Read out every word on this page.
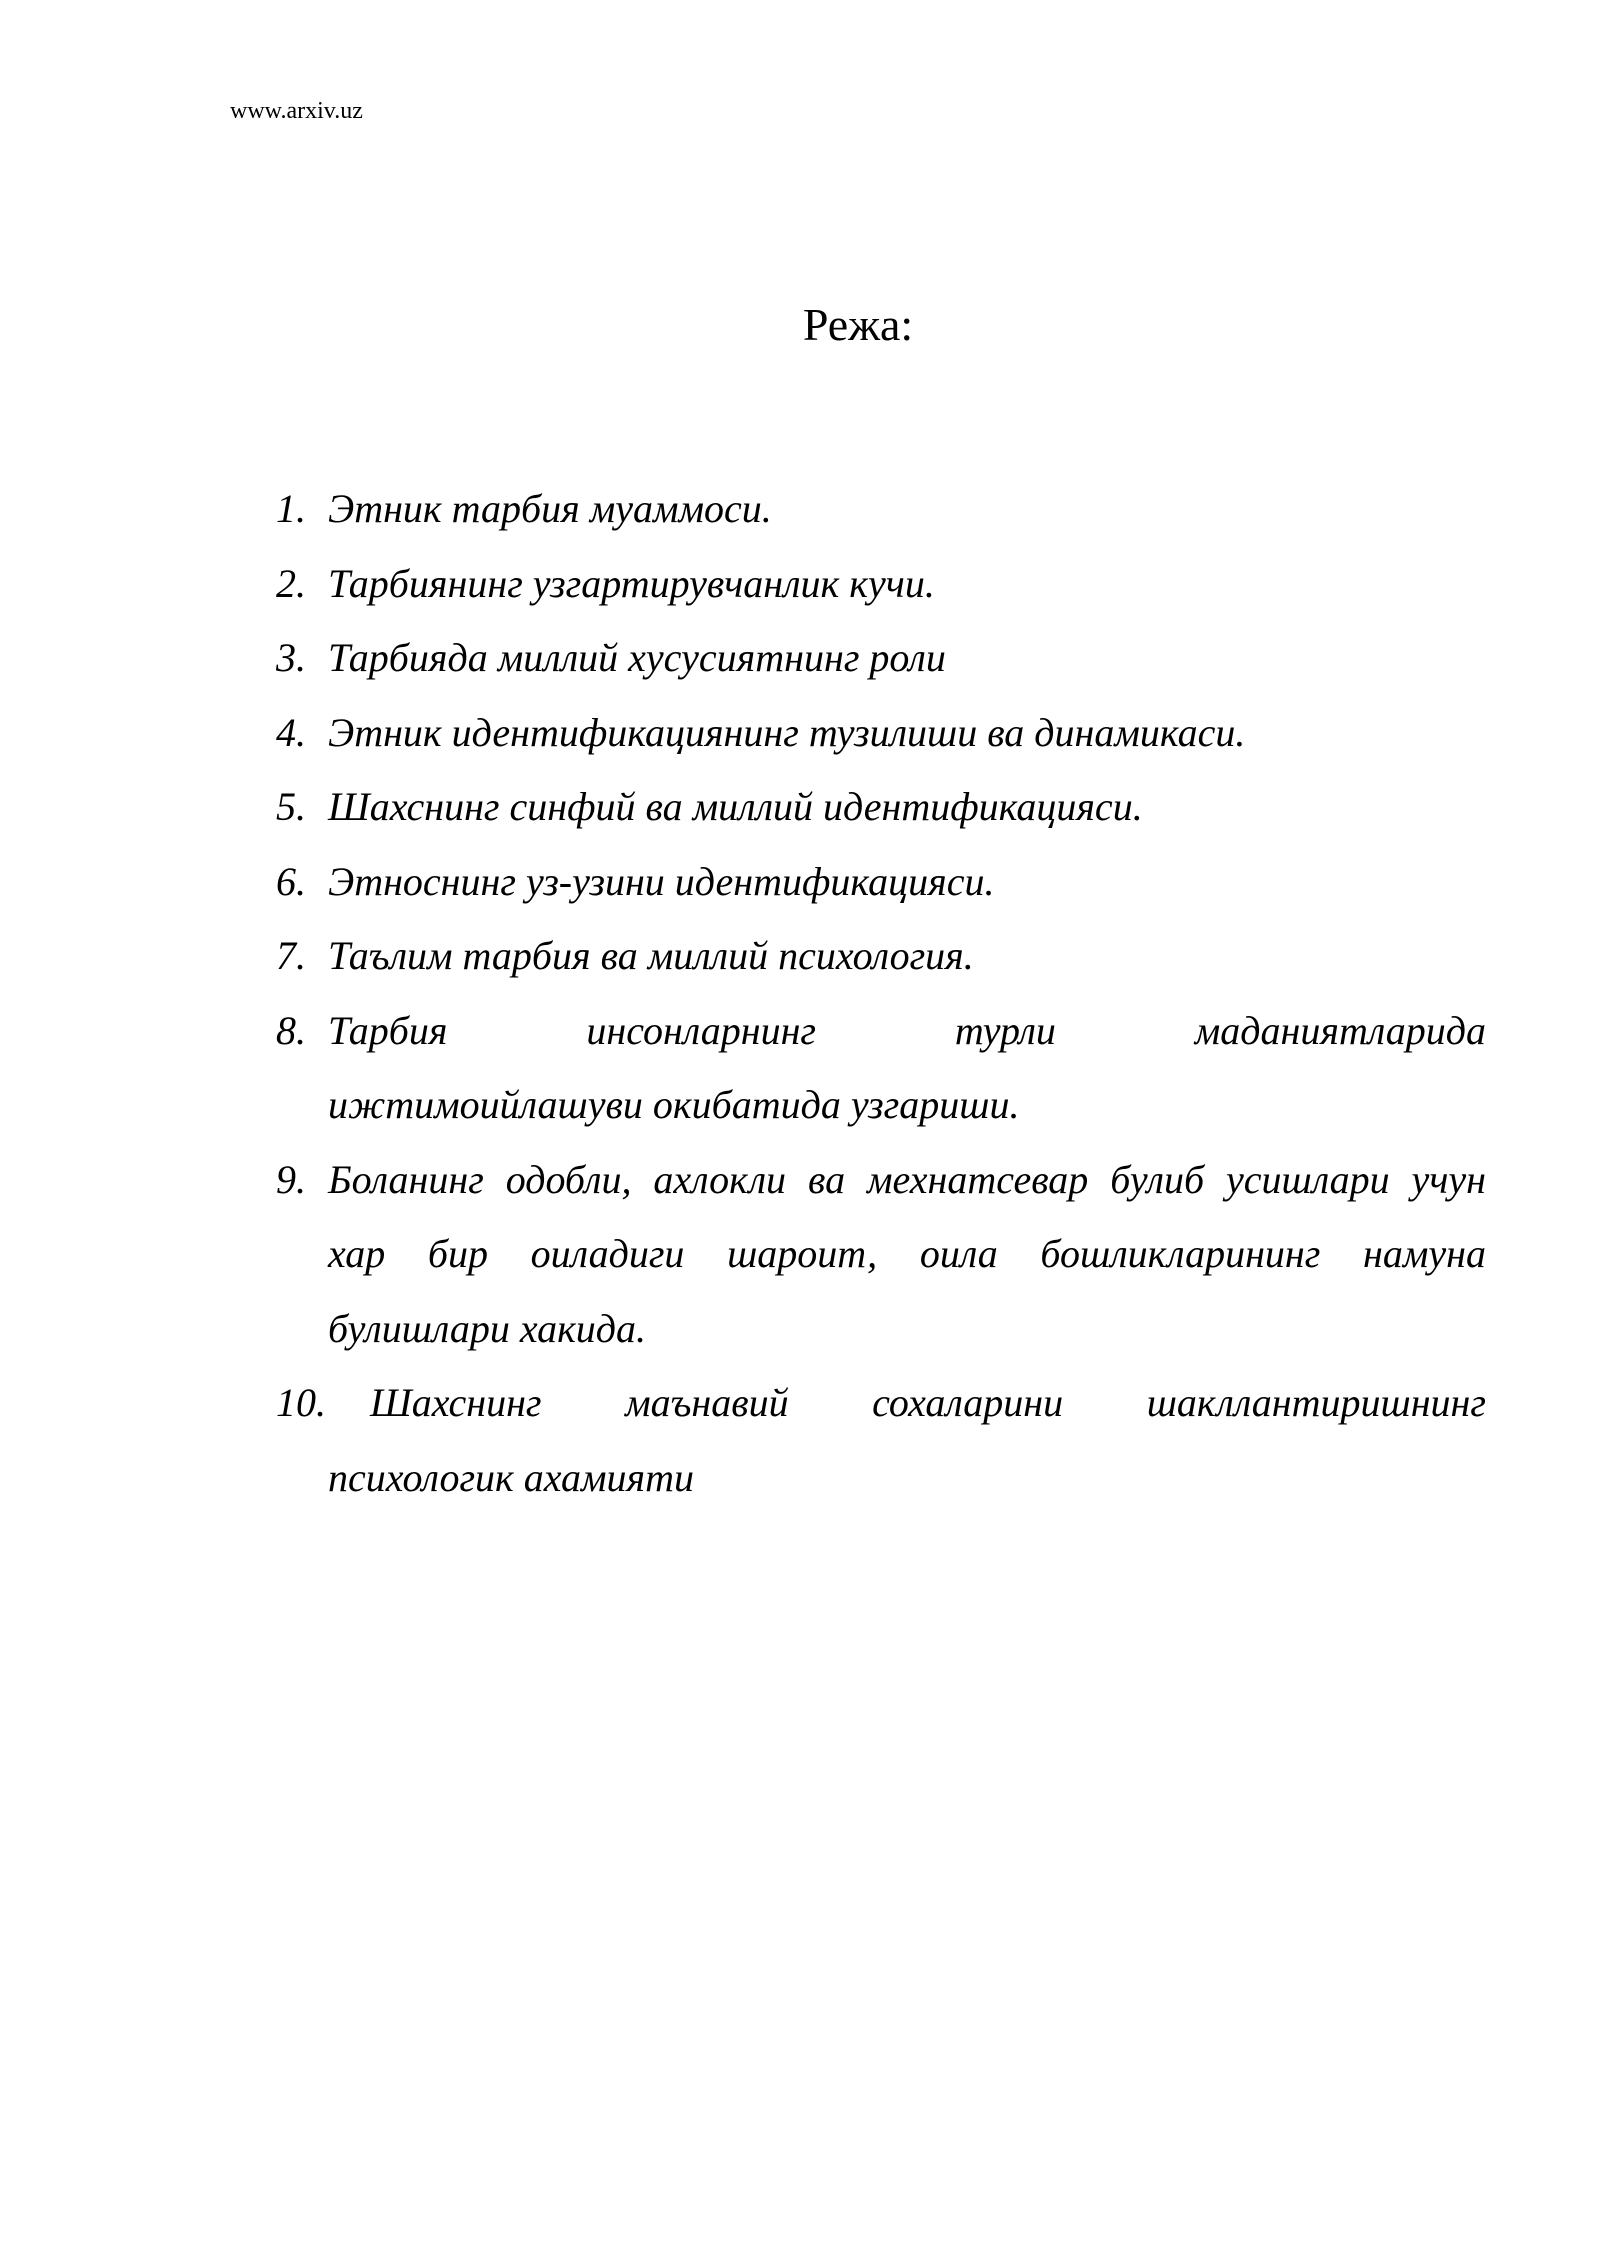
www.arxiv.uz
Режа:
1. Этник тарбия муаммоси.
2. Тарбиянинг узгартирувчанлик кучи.
3. Тарбияда миллий хусусиятнинг роли
4. Этник идентификациянинг тузилиши ва динамикаси.
5. Шахснинг синфий ва миллий идентификацияси.
6. Этноснинг уз-узини идентификацияси.
7. Таълим тарбия ва миллий психология.
8. Тарбия инсонларнинг турли маданиятларида
ижтимоийлашуви окибатида узгариши.
9. Боланинг одобли, ахлокли ва мехнатсевар булиб усишлари учун
хар бир оиладиги шароит, оила бошликларининг намуна
булишлари хакида.
10.	Шахснинг маънавий сохаларини шакллантиришнинг
психологик ахамияти
